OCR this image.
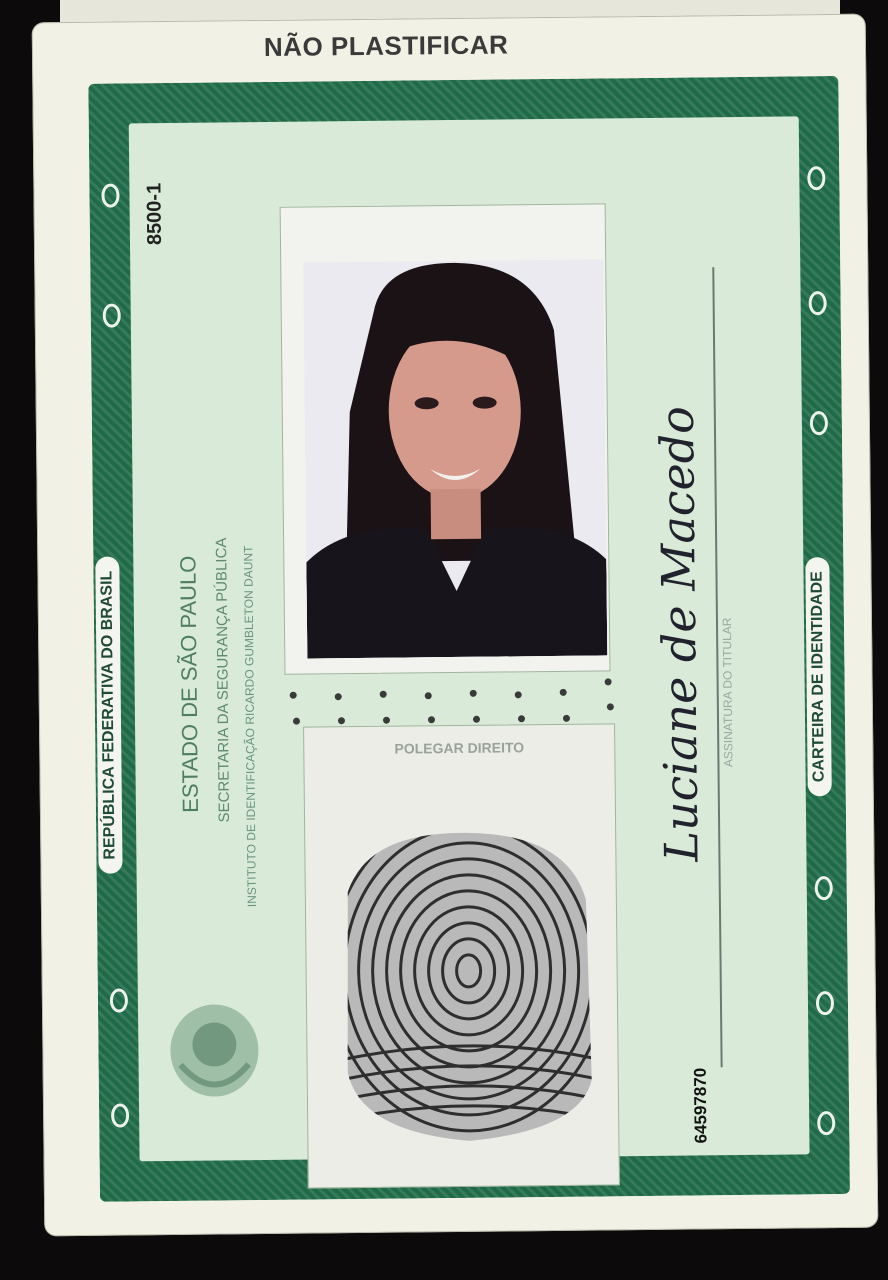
NÃO PLASTIFICAR
REPÚBLICA FEDERATIVA DO BRASIL	CARTEIRA DE IDENTIDADE
8500-1
ESTADO DE SÃO PAULO SECRETARIA DA SEGURANÇA PÚBLICA INSTITUTO DE IDENTIFICAÇÃO RICARDO GUMBLETON DAUNT	POLEGAR DIREITO	Luciane de Macedo ASSINATURA DO TITULAR
64597870
